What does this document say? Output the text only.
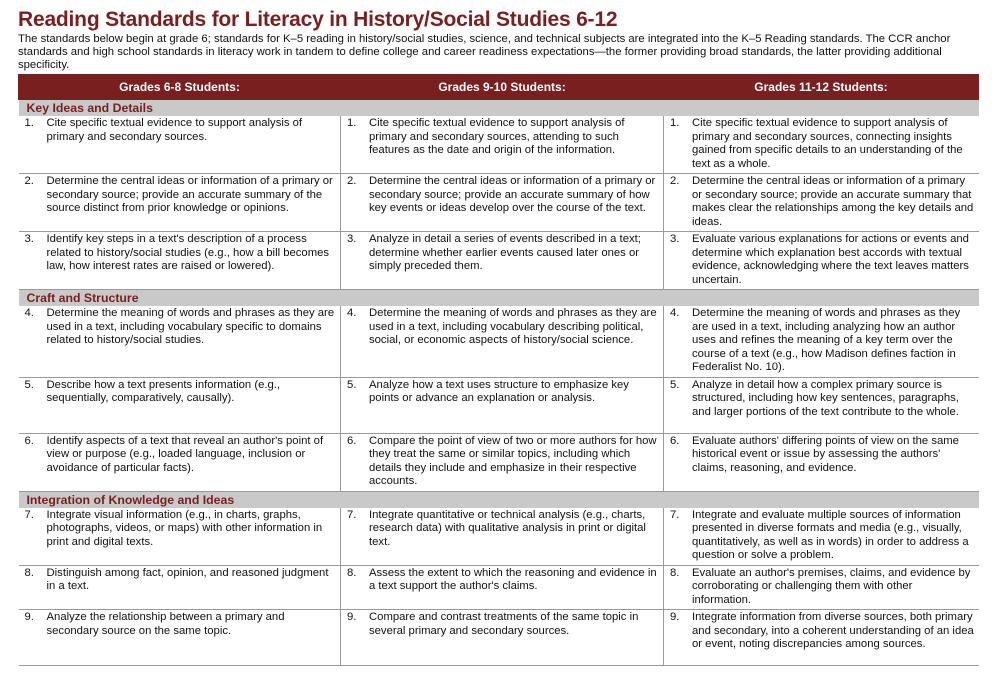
Reading Standards for Literacy in History/Social Studies 6-12
The standards below begin at grade 6; standards for K–5 reading in history/social studies, science, and technical subjects are integrated into the K–5 Reading standards. The CCR anchor standards and high school standards in literacy work in tandem to define college and career readiness expectations—the former providing broad standards, the latter providing additional specificity.
Grades 6-8 Students:	Grades 9-10 Students:	Grades 11-12 Students:
Key Ideas and Details		

1. Cite specific textual evidence to support analysis of primary and secondary sources.	1. Cite specific textual evidence to support analysis of primary and secondary sources, attending to such features as the date and origin of the information.	1. Cite specific textual evidence to support analysis of primary and secondary sources, connecting insights gained from specific details to an understanding of the text as a whole.

2. Determine the central ideas or information of a primary or secondary source; provide an accurate summary of the source distinct from prior knowledge or opinions.	2. Determine the central ideas or information of a primary or secondary source; provide an accurate summary of how key events or ideas develop over the course of the text.	2. Determine the central ideas or information of a primary or secondary source; provide an accurate summary that makes clear the relationships among the key details and ideas.

3. Identify key steps in a text's description of a process related to history/social studies (e.g., how a bill becomes law, how interest rates are raised or lowered).	3. Analyze in detail a series of events described in a text; determine whether earlier events caused later ones or simply preceded them.	3. Evaluate various explanations for actions or events and determine which explanation best accords with textual evidence, acknowledging where the text leaves matters uncertain.

Craft and Structure		

4. Determine the meaning of words and phrases as they are used in a text, including vocabulary specific to domains related to history/social studies.	4. Determine the meaning of words and phrases as they are used in a text, including vocabulary describing political, social, or economic aspects of history/social science.	4. Determine the meaning of words and phrases as they are used in a text, including analyzing how an author uses and refines the meaning of a key term over the course of a text (e.g., how Madison defines faction in Federalist No. 10).

5. Describe how a text presents information (e.g., sequentially, comparatively, causally).	5. Analyze how a text uses structure to emphasize key points or advance an explanation or analysis.	5. Analyze in detail how a complex primary source is structured, including how key sentences, paragraphs, and larger portions of the text contribute to the whole.

6. Identify aspects of a text that reveal an author's point of view or purpose (e.g., loaded language, inclusion or avoidance of particular facts).	6. Compare the point of view of two or more authors for how they treat the same or similar topics, including which details they include and emphasize in their respective accounts.	6. Evaluate authors' differing points of view on the same historical event or issue by assessing the authors' claims, reasoning, and evidence.

Integration of Knowledge and Ideas		

7. Integrate visual information (e.g., in charts, graphs, photographs, videos, or maps) with other information in print and digital texts.	7. Integrate quantitative or technical analysis (e.g., charts, research data) with qualitative analysis in print or digital text.	7. Integrate and evaluate multiple sources of information presented in diverse formats and media (e.g., visually, quantitatively, as well as in words) in order to address a question or solve a problem.

8. Distinguish among fact, opinion, and reasoned judgment in a text.	8. Assess the extent to which the reasoning and evidence in a text support the author's claims.	8. Evaluate an author's premises, claims, and evidence by corroborating or challenging them with other information.

9. Analyze the relationship between a primary and secondary source on the same topic.	9. Compare and contrast treatments of the same topic in several primary and secondary sources.	9. Integrate information from diverse sources, both primary and secondary, into a coherent understanding of an idea or event, noting discrepancies among sources.
